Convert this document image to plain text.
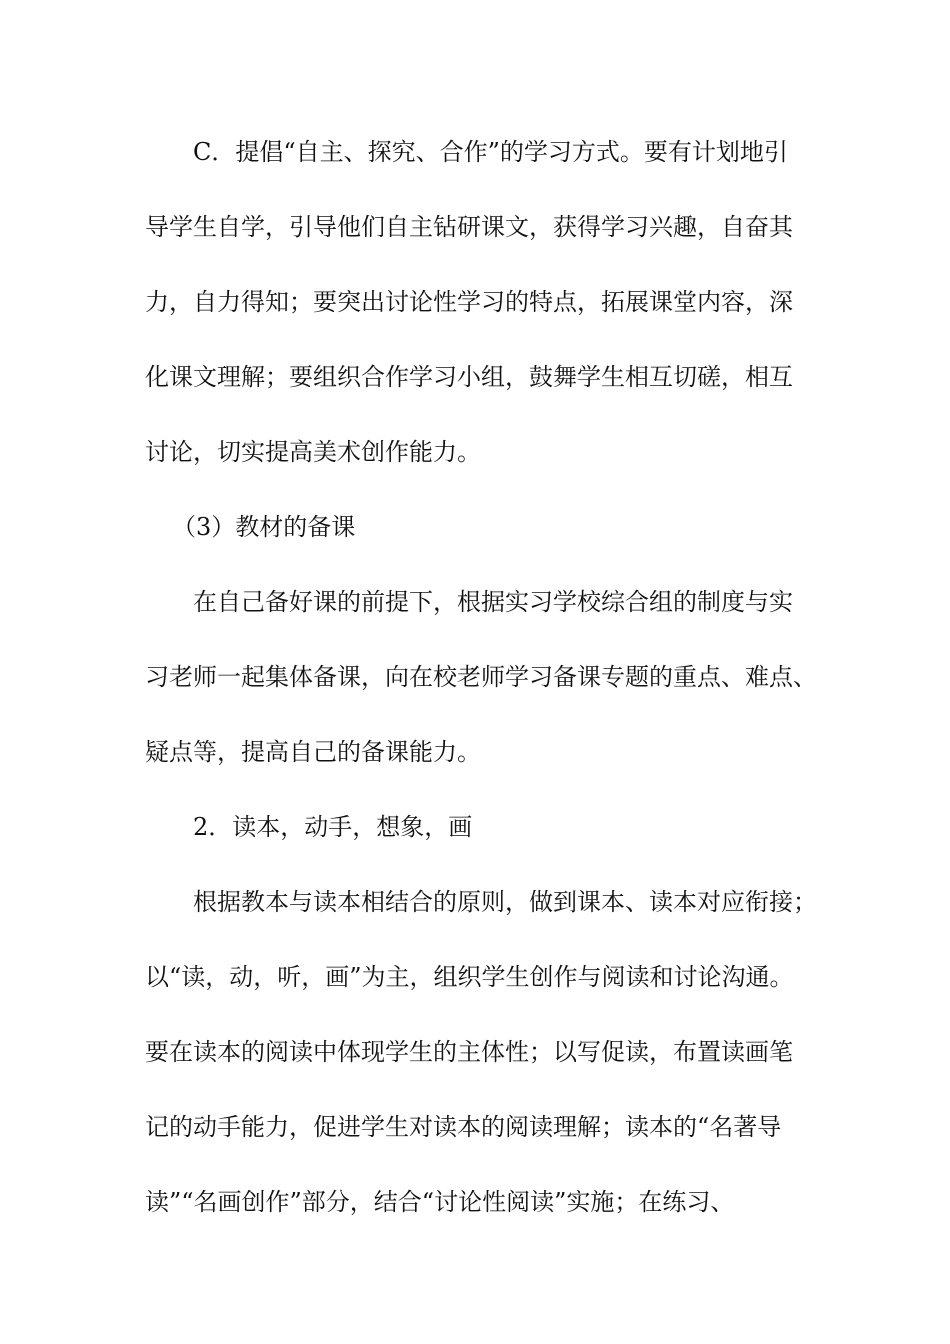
C．提倡“自主、探究、合作”的学习方式。要有计划地引
导学生自学，引导他们自主钻研课文，获得学习兴趣，自奋其
力，自力得知；要突出讨论性学习的特点，拓展课堂内容，深
化课文理解；要组织合作学习小组，鼓舞学生相互切磋，相互
讨论，切实提高美术创作能力。
（3）教材的备课
在自己备好课的前提下，根据实习学校综合组的制度与实
习老师一起集体备课，向在校老师学习备课专题的重点、难点、
疑点等，提高自己的备课能力。
2．读本，动手，想象，画
根据教本与读本相结合的原则，做到课本、读本对应衔接；
以“读，动，听，画”为主，组织学生创作与阅读和讨论沟通。
要在读本的阅读中体现学生的主体性；以写促读，布置读画笔
记的动手能力，促进学生对读本的阅读理解；读本的“名著导
读”“名画创作”部分，结合“讨论性阅读”实施；在练习、
